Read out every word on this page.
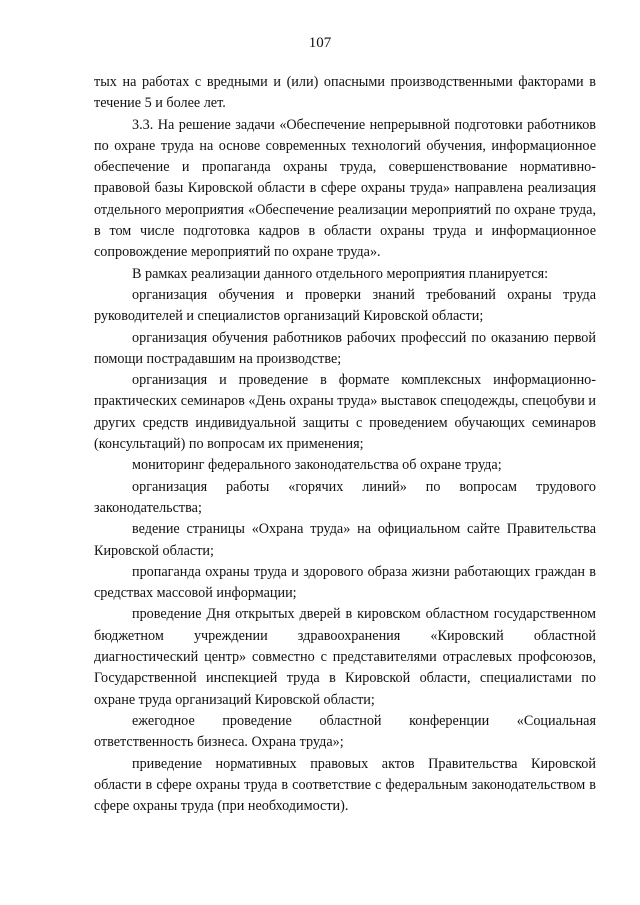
107

тых на работах с вредными и (или) опасными производственными факторами в течение 5 и более лет.

3.3. На решение задачи «Обеспечение непрерывной подготовки работников по охране труда на основе современных технологий обучения, информационное обеспечение и пропаганда охраны труда, совершенствование нормативно-правовой базы Кировской области в сфере охраны труда» направлена реализация отдельного мероприятия «Обеспечение реализации мероприятий по охране труда, в том числе подготовка кадров в области охраны труда и информационное сопровождение мероприятий по охране труда».

В рамках реализации данного отдельного мероприятия планируется:

организация обучения и проверки знаний требований охраны труда руководителей и специалистов организаций Кировской области;

организация обучения работников рабочих профессий по оказанию первой помощи пострадавшим на производстве;

организация и проведение в формате комплексных информационно-практических семинаров «День охраны труда» выставок спецодежды, спецобуви и других средств индивидуальной защиты с проведением обучающих семинаров (консультаций) по вопросам их применения;

мониторинг федерального законодательства об охране труда;

организация работы «горячих линий» по вопросам трудового законодательства;

ведение страницы «Охрана труда» на официальном сайте Правительства Кировской области;

пропаганда охраны труда и здорового образа жизни работающих граждан в средствах массовой информации;

проведение Дня открытых дверей в кировском областном государственном бюджетном учреждении здравоохранения «Кировский областной диагностический центр» совместно с представителями отраслевых профсоюзов, Государственной инспекцией труда в Кировской области, специалистами по охране труда организаций Кировской области;

ежегодное проведение областной конференции «Социальная ответственность бизнеса. Охрана труда»;

приведение нормативных правовых актов Правительства Кировской области в сфере охраны труда в соответствие с федеральным законодательством в сфере охраны труда (при необходимости).
